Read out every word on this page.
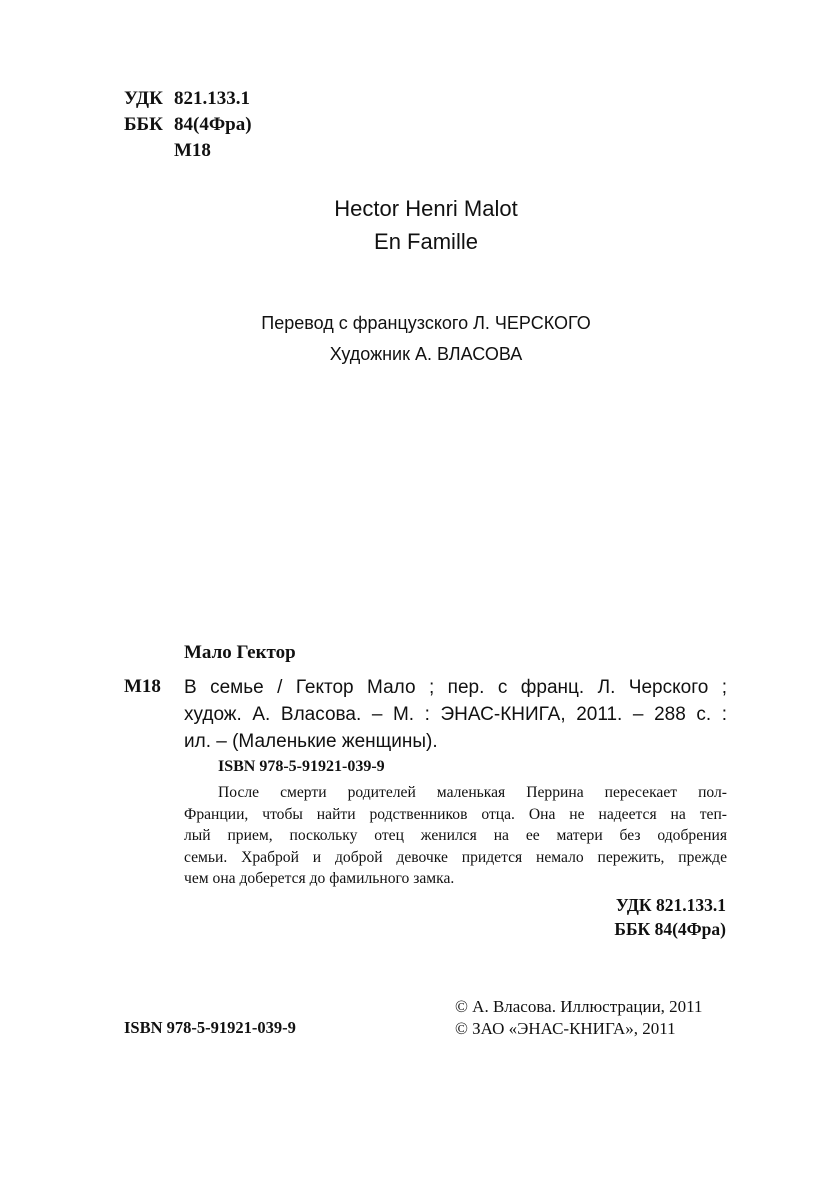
УДК 821.133.1
ББК 84(4Фра)
М18
Hector Henri Malot
En Famille
Перевод с французского Л. ЧЕРСКОГО
Художник А. ВЛАСОВА
Мало Гектор
М18 В семье / Гектор Мало ; пер. с франц. Л. Черского ;
худож. А. Власова. – М. : ЭНАС-КНИГА, 2011. – 288 с. :
ил. – (Маленькие женщины).
ISBN 978-5-91921-039-9
После смерти родителей маленькая Перрина пересекает пол-
Франции, чтобы найти родственников отца. Она не надеется на теп-
лый прием, поскольку отец женился на ее матери без одобрения
семьи. Храброй и доброй девочке придется немало пережить, прежде
чем она доберется до фамильного замка.
УДК 821.133.1
ББК 84(4Фра)
ISBN 978-5-91921-039-9
© А. Власова. Иллюстрации, 2011
© ЗАО «ЭНАС-КНИГА», 2011
